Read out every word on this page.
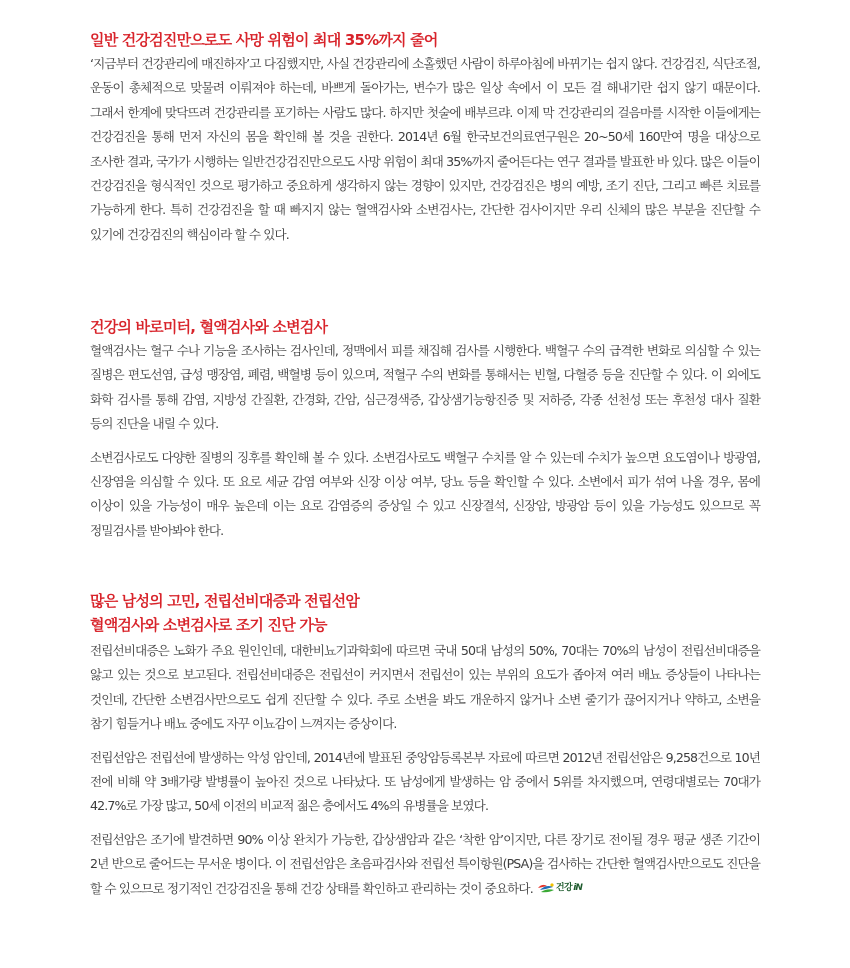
일반 건강검진만으로도 사망 위험이 최대 35%까지 줄어

‘지금부터 건강관리에 매진하자’고 다짐했지만, 사실 건강관리에 소홀했던 사람이 하루아침에 바뀌기는 쉽지 않다. 건강검진, 식단조절, 운동이 총체적으로 맞물려 이뤄져야 하는데, 바쁘게 돌아가는, 변수가 많은 일상 속에서 이 모든 걸 해내기란 쉽지 않기 때문이다. 그래서 한계에 맞닥뜨려 건강관리를 포기하는 사람도 많다. 하지만 첫술에 배부르랴. 이제 막 건강관리의 걸음마를 시작한 이들에게는 건강검진을 통해 먼저 자신의 몸을 확인해 볼 것을 권한다. 2014년 6월 한국보건의료연구원은 20~50세 160만여 명을 대상으로 조사한 결과, 국가가 시행하는 일반건강검진만으로도 사망 위험이 최대 35%까지 줄어든다는 연구 결과를 발표한 바 있다. 많은 이들이 건강검진을 형식적인 것으로 평가하고 중요하게 생각하지 않는 경향이 있지만, 건강검진은 병의 예방, 조기 진단, 그리고 빠른 치료를 가능하게 한다. 특히 건강검진을 할 때 빠지지 않는 혈액검사와 소변검사는, 간단한 검사이지만 우리 신체의 많은 부분을 진단할 수 있기에 건강검진의 핵심이라 할 수 있다.

건강의 바로미터, 혈액검사와 소변검사

혈액검사는 혈구 수나 기능을 조사하는 검사인데, 정맥에서 피를 채집해 검사를 시행한다. 백혈구 수의 급격한 변화로 의심할 수 있는 질병은 편도선염, 급성 맹장염, 폐렴, 백혈병 등이 있으며, 적혈구 수의 변화를 통해서는 빈혈, 다혈증 등을 진단할 수 있다. 이 외에도 화학 검사를 통해 감염, 지방성 간질환, 간경화, 간암, 심근경색증, 갑상샘기능항진증 및 저하증, 각종 선천성 또는 후천성 대사 질환 등의 진단을 내릴 수 있다.

소변검사로도 다양한 질병의 징후를 확인해 볼 수 있다. 소변검사로도 백혈구 수치를 알 수 있는데 수치가 높으면 요도염이나 방광염, 신장염을 의심할 수 있다. 또 요로 세균 감염 여부와 신장 이상 여부, 당뇨 등을 확인할 수 있다. 소변에서 피가 섞여 나올 경우, 몸에 이상이 있을 가능성이 매우 높은데 이는 요로 감염증의 증상일 수 있고 신장결석, 신장암, 방광암 등이 있을 가능성도 있으므로 꼭 정밀검사를 받아봐야 한다.

많은 남성의 고민, 전립선비대증과 전립선암
혈액검사와 소변검사로 조기 진단 가능

전립선비대증은 노화가 주요 원인인데, 대한비뇨기과학회에 따르면 국내 50대 남성의 50%, 70대는 70%의 남성이 전립선비대증을 앓고 있는 것으로 보고된다. 전립선비대증은 전립선이 커지면서 전립선이 있는 부위의 요도가 좁아져 여러 배뇨 증상들이 나타나는 것인데, 간단한 소변검사만으로도 쉽게 진단할 수 있다. 주로 소변을 봐도 개운하지 않거나 소변 줄기가 끊어지거나 약하고, 소변을 참기 힘들거나 배뇨 중에도 자꾸 이뇨감이 느껴지는 증상이다.

전립선암은 전립선에 발생하는 악성 암인데, 2014년에 발표된 중앙암등록본부 자료에 따르면 2012년 전립선암은 9,258건으로 10년 전에 비해 약 3배가량 발병률이 높아진 것으로 나타났다. 또 남성에게 발생하는 암 중에서 5위를 차지했으며, 연령대별로는 70대가 42.7%로 가장 많고, 50세 이전의 비교적 젊은 층에서도 4%의 유병률을 보였다.

전립선암은 조기에 발견하면 90% 이상 완치가 가능한, 갑상샘암과 같은 ‘착한 암’이지만, 다른 장기로 전이될 경우 평균 생존 기간이 2년 반으로 줄어드는 무서운 병이다. 이 전립선암은 초음파검사와 전립선 특이항원(PSA)을 검사하는 간단한 혈액검사만으로도 진단을 할 수 있으므로 정기적인 건강검진을 통해 건강 상태를 확인하고 관리하는 것이 중요하다.	건강 iN
